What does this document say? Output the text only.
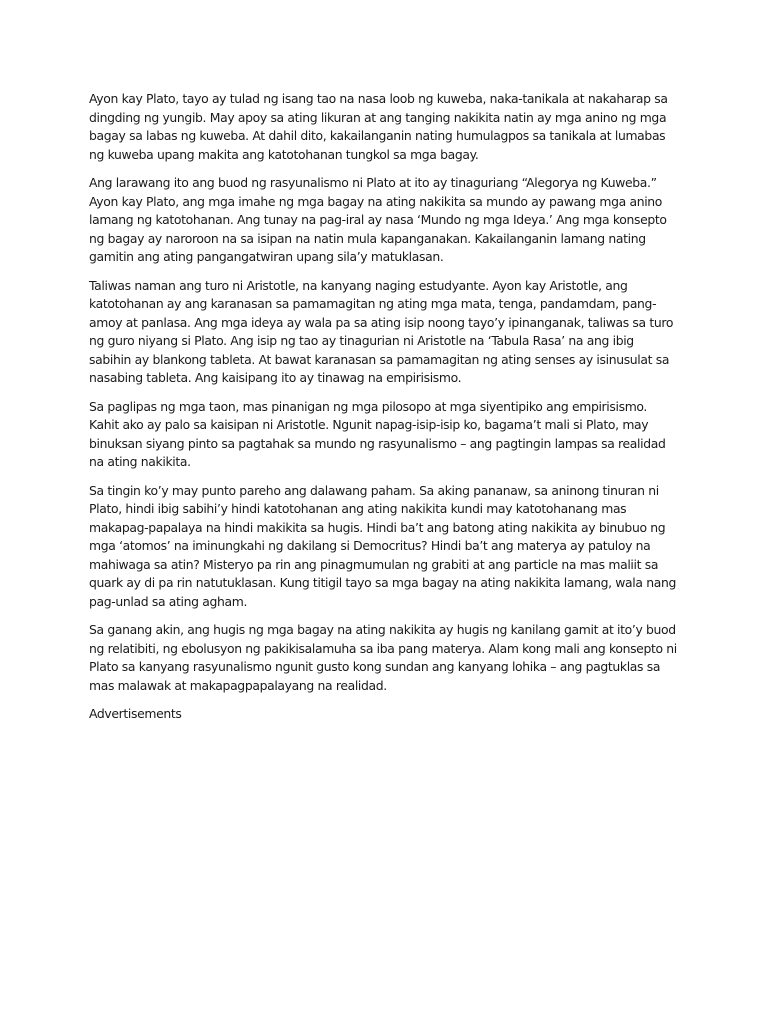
Ayon kay Plato, tayo ay tulad ng isang tao na nasa loob ng kuweba, naka-tanikala at nakaharap sa dingding ng yungib. May apoy sa ating likuran at ang tanging nakikita natin ay mga anino ng mga bagay sa labas ng kuweba. At dahil dito, kakailanganin nating humulagpos sa tanikala at lumabas ng kuweba upang makita ang katotohanan tungkol sa mga bagay.

Ang larawang ito ang buod ng rasyunalismo ni Plato at ito ay tinaguriang “Alegorya ng Kuweba.” Ayon kay Plato, ang mga imahe ng mga bagay na ating nakikita sa mundo ay pawang mga anino lamang ng katotohanan. Ang tunay na pag-iral ay nasa ‘Mundo ng mga Ideya.’ Ang mga konsepto ng bagay ay naroroon na sa isipan na natin mula kapanganakan. Kakailanganin lamang nating gamitin ang ating pangangatwiran upang sila’y matuklasan.

Taliwas naman ang turo ni Aristotle, na kanyang naging estudyante. Ayon kay Aristotle, ang katotohanan ay ang karanasan sa pamamagitan ng ating mga mata, tenga, pandamdam, pang-amoy at panlasa. Ang mga ideya ay wala pa sa ating isip noong tayo’y ipinanganak, taliwas sa turo ng guro niyang si Plato. Ang isip ng tao ay tinagurian ni Aristotle na ‘Tabula Rasa’ na ang ibig sabihin ay blankong tableta. At bawat karanasan sa pamamagitan ng ating senses ay isinusulat sa nasabing tableta. Ang kaisipang ito ay tinawag na empirisismo.

Sa paglipas ng mga taon, mas pinanigan ng mga pilosopo at mga siyentipiko ang empirisismo. Kahit ako ay palo sa kaisipan ni Aristotle. Ngunit napag-isip-isip ko, bagama’t mali si Plato, may binuksan siyang pinto sa pagtahak sa mundo ng rasyunalismo – ang pagtingin lampas sa realidad na ating nakikita.

Sa tingin ko’y may punto pareho ang dalawang paham. Sa aking pananaw, sa aninong tinuran ni Plato, hindi ibig sabihi’y hindi katotohanan ang ating nakikita kundi may katotohanang mas makapag-papalaya na hindi makikita sa hugis. Hindi ba’t ang batong ating nakikita ay binubuo ng mga ‘atomos’ na iminungkahi ng dakilang si Democritus? Hindi ba’t ang materya ay patuloy na mahiwaga sa atin? Misteryo pa rin ang pinagmumulan ng grabiti at ang particle na mas maliit sa quark ay di pa rin natutuklasan. Kung titigil tayo sa mga bagay na ating nakikita lamang, wala nang pag-unlad sa ating agham.

Sa ganang akin, ang hugis ng mga bagay na ating nakikita ay hugis ng kanilang gamit at ito’y buod ng relatibiti, ng ebolusyon ng pakikisalamuha sa iba pang materya. Alam kong mali ang konsepto ni Plato sa kanyang rasyunalismo ngunit gusto kong sundan ang kanyang lohika – ang pagtuklas sa mas malawak at makapagpapalayang na realidad.

Advertisements
